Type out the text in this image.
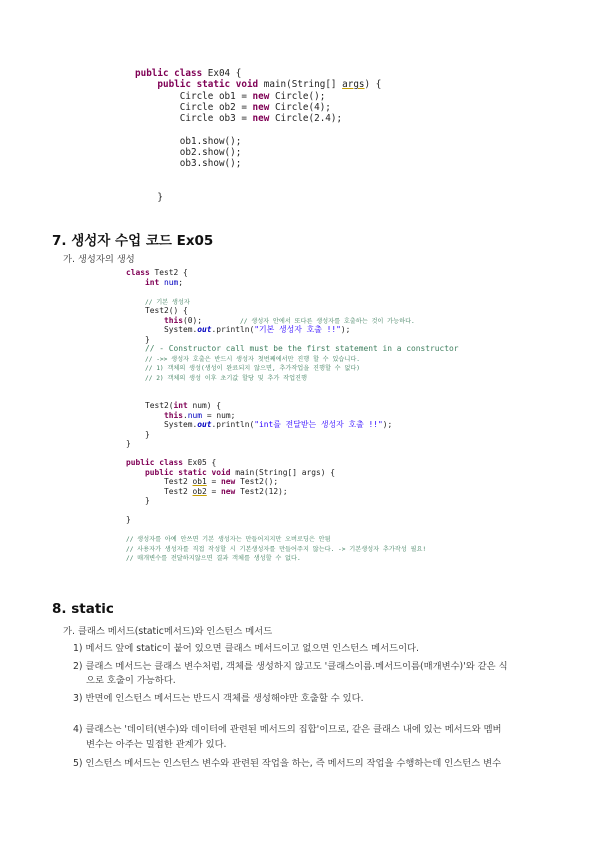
public class Ex04 {
public static void main(String[] args) {
Circle ob1 = new Circle();
Circle ob2 = new Circle(4);
Circle ob3 = new Circle(2.4);
ob1.show();
ob2.show();
ob3.show();
}
7. 생성자 수업 코드 Ex05

가. 생성자의 생성

class Test2 {
int num;
// 기본 생성자
Test2() {
this(0);        // 생성자 안에서 또다른 생성자를 호출하는 것이 가능하다.
System.out.println("기본 생성자 호출 !!");
}
// - Constructor call must be the first statement in a constructor
// ->> 생성자 호출은 반드시 생성자 첫번째에서만 진행 할 수 있습니다.
// 1) 객체의 생성(생성이 완료되지 않으면, 추가작업을 진행할 수 없다)
// 2) 객체의 생성 이후 초기값 할당 및 추가 작업진행
Test2(int num) {
this.num = num;
System.out.println("int를 전달받는 생성자 호출 !!");
}
}
public class Ex05 {
public static void main(String[] args) {
Test2 ob1 = new Test2();
Test2 ob2 = new Test2(12);
}
}
// 생성자를 아예 안쓰면 기본 생성자는 만들어지지만 오버로딩은 안됨
// 사용자가 생성자를 직접 작성할 시 기본생성자를 만들어주지 않는다. -> 기본생성자 추가작성 필요!
// 매개변수를 전달하지않으면 결과 객체를 생성할 수 없다.
8. static

가. 클래스 메서드(static메서드)와 인스턴스 메서드

1) 메서드 앞에 static이 붙어 있으면 클래스 메서드이고 없으면 인스턴스 메서드이다.

2) 클래스 메서드는 클래스 변수처럼, 객체를 생성하지 않고도 '클래스이름.메서드이름(매개변수)'와 같은 식

으로 호출이 가능하다.

3) 반면에 인스턴스 메서드는 반드시 객체를 생성해야만 호출할 수 있다.

4) 클래스는 '데이터(변수)와 데이터에 관련된 메서드의 집합'이므로, 같은 클래스 내에 있는 메서드와 멤버

변수는 아주는 밀접한 관계가 있다.

5) 인스턴스 메서드는 인스턴스 변수와 관련된 작업을 하는, 즉 메서드의 작업을 수행하는데 인스턴스 변수
